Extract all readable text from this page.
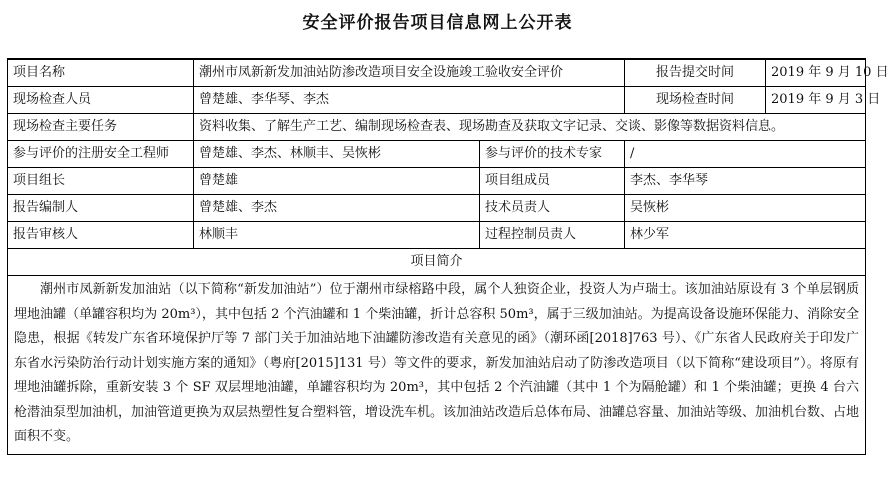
安全评价报告项目信息网上公开表
项目名称	潮州市凤新新发加油站防渗改造项目安全设施竣工验收安全评价		报告提交时间	2019 年 9 月 10 日
现场检查人员	曾楚雄、李华琴、李杰		现场检查时间	2019 年 9 月 3 日
现场检查主要任务	资料收集、了解生产工艺、编制现场检查表、现场勘查及获取文字记录、交谈、影像等数据资料信息。			
参与评价的注册安全工程师	曾楚雄、李杰、林顺丰、吴恢彬	参与评价的技术专家	/	
项目组长	曾楚雄	项目组成员	李杰、李华琴	
报告编制人	曾楚雄、李杰	技术员责人	吴恢彬	
报告审核人	林顺丰	过程控制员责人	林少军	
项目简介				
潮州市凤新新发加油站（以下简称“新发加油站”）位于潮州市绿榕路中段，属个人独资企业，投资人为卢瑞士。该加油站原设有 3 个单层钢质埋地油罐（单罐容积均为 20m³），其中包括 2 个汽油罐和 1 个柴油罐，折计总容积 50m³，属于三级加油站。为提高设备设施环保能力、消除安全隐患，根据《转发广东省环境保护厅等 7 部门关于加油站地下油罐防渗改造有关意见的函》（潮环函[2018]763 号）、《广东省人民政府关于印发广东省水污染防治行动计划实施方案的通知》（粤府[2015]131 号）等文件的要求，新发加油站启动了防渗改造项目（以下简称“建设项目”）。将原有埋地油罐拆除，重新安装 3 个 SF 双层埋地油罐，单罐容积均为 20m³，其中包括 2 个汽油罐（其中 1 个为隔舱罐）和 1 个柴油罐；更换 4 台六枪潜油泵型加油机，加油管道更换为双层热塑性复合塑料管，增设洗车机。该加油站改造后总体布局、油罐总容量、加油站等级、加油机台数、占地面积不变。				
